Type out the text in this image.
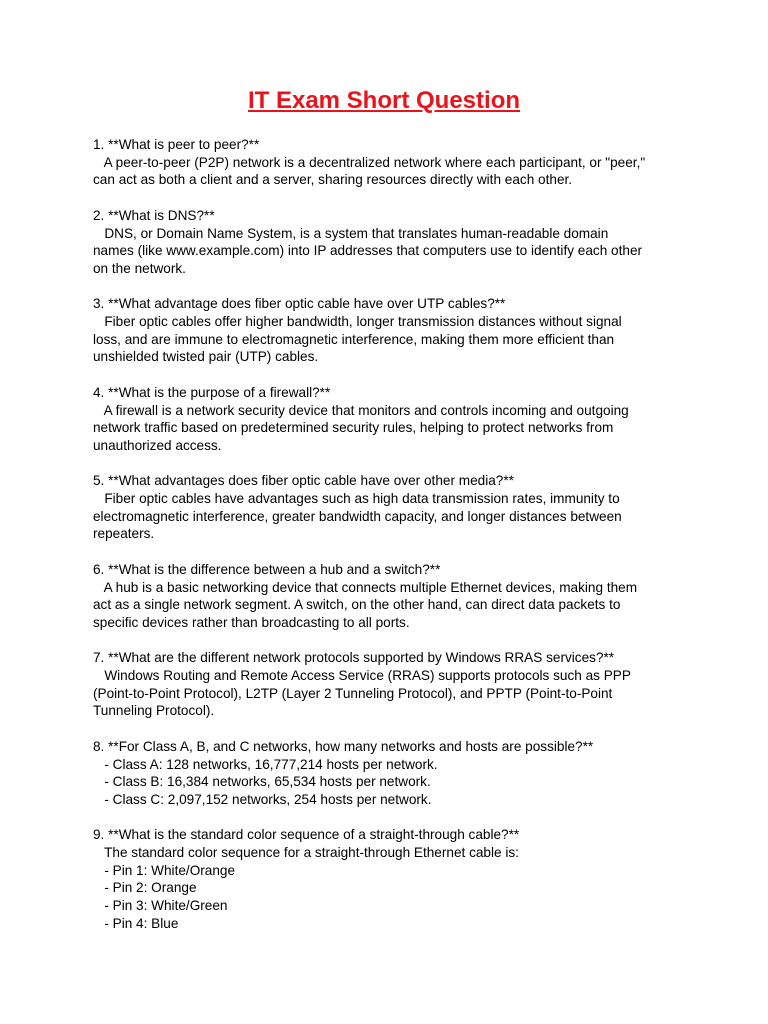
IT Exam Short Question
1. **What is peer to peer?**
A peer-to-peer (P2P) network is a decentralized network where each participant, or "peer,"
can act as both a client and a server, sharing resources directly with each other.
2. **What is DNS?**
DNS, or Domain Name System, is a system that translates human-readable domain
names (like www.example.com) into IP addresses that computers use to identify each other
on the network.
3. **What advantage does fiber optic cable have over UTP cables?**
Fiber optic cables offer higher bandwidth, longer transmission distances without signal
loss, and are immune to electromagnetic interference, making them more efficient than
unshielded twisted pair (UTP) cables.
4. **What is the purpose of a firewall?**
A firewall is a network security device that monitors and controls incoming and outgoing
network traffic based on predetermined security rules, helping to protect networks from
unauthorized access.
5. **What advantages does fiber optic cable have over other media?**
Fiber optic cables have advantages such as high data transmission rates, immunity to
electromagnetic interference, greater bandwidth capacity, and longer distances between
repeaters.
6. **What is the difference between a hub and a switch?**
A hub is a basic networking device that connects multiple Ethernet devices, making them
act as a single network segment. A switch, on the other hand, can direct data packets to
specific devices rather than broadcasting to all ports.
7. **What are the different network protocols supported by Windows RRAS services?**
Windows Routing and Remote Access Service (RRAS) supports protocols such as PPP
(Point-to-Point Protocol), L2TP (Layer 2 Tunneling Protocol), and PPTP (Point-to-Point
Tunneling Protocol).
8. **For Class A, B, and C networks, how many networks and hosts are possible?**
- Class A: 128 networks, 16,777,214 hosts per network.
- Class B: 16,384 networks, 65,534 hosts per network.
- Class C: 2,097,152 networks, 254 hosts per network.
9. **What is the standard color sequence of a straight-through cable?**
The standard color sequence for a straight-through Ethernet cable is:
- Pin 1: White/Orange
- Pin 2: Orange
- Pin 3: White/Green
- Pin 4: Blue
